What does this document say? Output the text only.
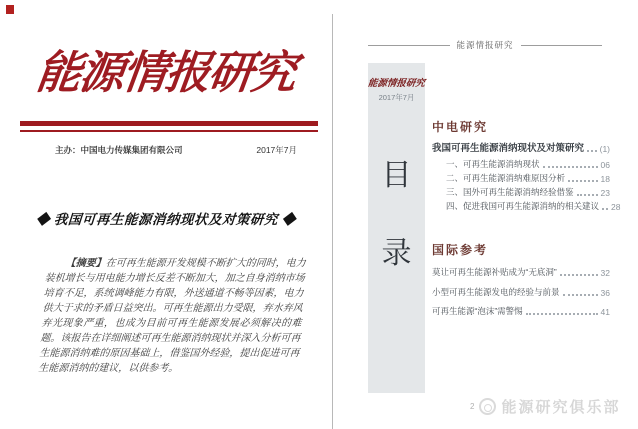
能源情报研究
主办：中国电力传媒集团有限公司	2017年7月
◆ 我国可再生能源消纳现状及对策研究 ◆

【摘要】在可再生能源开发规模不断扩大的同时，电力装机增长与用电能力增长反差不断加大，加之自身消纳市场培育不足，系统调峰能力有限，外送通道不畅等因素，电力供大于求的矛盾日益突出。可再生能源出力受限，弃水弃风弃光现象严重，也成为目前可再生能源发展必须解决的难题。该报告在详细阐述可再生能源消纳现状并深入分析可再生能源消纳难的原因基础上，借鉴国外经验，提出促进可再生能源消纳的建议，以供参考。

能源情报研究
能源情报研究
2017年7月
目
录
中电研究
我国可再生能源消纳现状及对策研究 (1)
一、可再生能源消纳现状	06
二、可再生能源消纳难原因分析	18
三、国外可再生能源消纳经验借鉴	23
四、促进我国可再生能源消纳的相关建议 28
国际参考
莫让可再生能源补贴成为“无底洞”	32
小型可再生能源发电的经验与前景	36
可再生能源“泡沫”需警惕	41
2 能源研究俱乐部
